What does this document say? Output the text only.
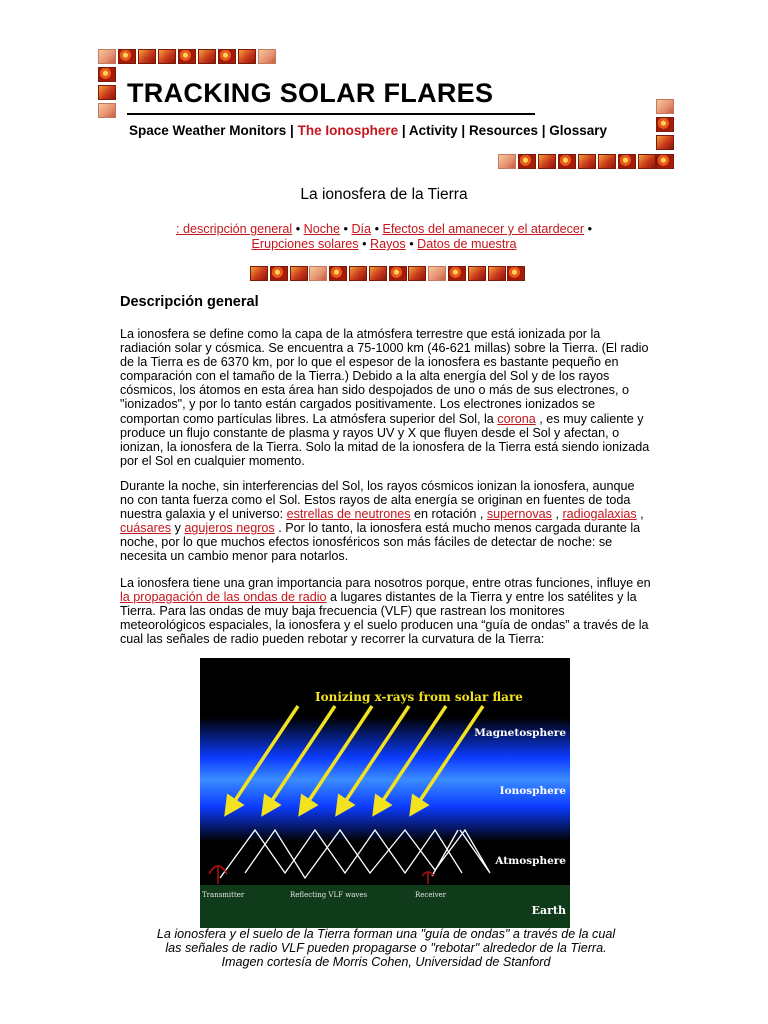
TRACKING SOLAR FLARES
Space Weather Monitors | The Ionosphere | Activity | Resources | Glossary
La ionosfera de la Tierra
: descripción general • Noche • Día • Efectos del amanecer y el atardecer •
Erupciones solares • Rayos • Datos de muestra
Descripción general

La ionosfera se define como la capa de la atmósfera terrestre que está ionizada por la radiación solar y cósmica. Se encuentra a 75-1000 km (46-621 millas) sobre la Tierra. (El radio de la Tierra es de 6370 km, por lo que el espesor de la ionosfera es bastante pequeño en comparación con el tamaño de la Tierra.) Debido a la alta energía del Sol y de los rayos cósmicos, los átomos en esta área han sido despojados de uno o más de sus electrones, o "ionizados", y por lo tanto están cargados positivamente. Los electrones ionizados se comportan como partículas libres. La atmósfera superior del Sol, la corona , es muy caliente y produce un flujo constante de plasma y rayos UV y X que fluyen desde el Sol y afectan, o ionizan, la ionosfera de la Tierra. Solo la mitad de la ionosfera de la Tierra está siendo ionizada por el Sol en cualquier momento.

Durante la noche, sin interferencias del Sol, los rayos cósmicos ionizan la ionosfera, aunque no con tanta fuerza como el Sol. Estos rayos de alta energía se originan en fuentes de toda nuestra galaxia y el universo: estrellas de neutrones en rotación , supernovas , radiogalaxias , cuásares y agujeros negros . Por lo tanto, la ionosfera está mucho menos cargada durante la noche, por lo que muchos efectos ionosféricos son más fáciles de detectar de noche: se necesita un cambio menor para notarlos.

La ionosfera tiene una gran importancia para nosotros porque, entre otras funciones, influye en la propagación de las ondas de radio a lugares distantes de la Tierra y entre los satélites y la Tierra. Para las ondas de muy baja frecuencia (VLF) que rastrean los monitores meteorológicos espaciales, la ionosfera y el suelo producen una “guía de ondas” a través de la cual las señales de radio pueden rebotar y recorrer la curvatura de la Tierra:

Ionizing x-rays from solar flare
Magnetosphere
Ionosphere
Atmosphere
Earth
Transmitter	Reflecting VLF waves	Receiver
La ionosfera y el suelo de la Tierra forman una "guía de ondas" a través de la cual
las señales de radio VLF pueden propagarse o "rebotar" alrededor de la Tierra.
Imagen cortesía de Morris Cohen, Universidad de Stanford
